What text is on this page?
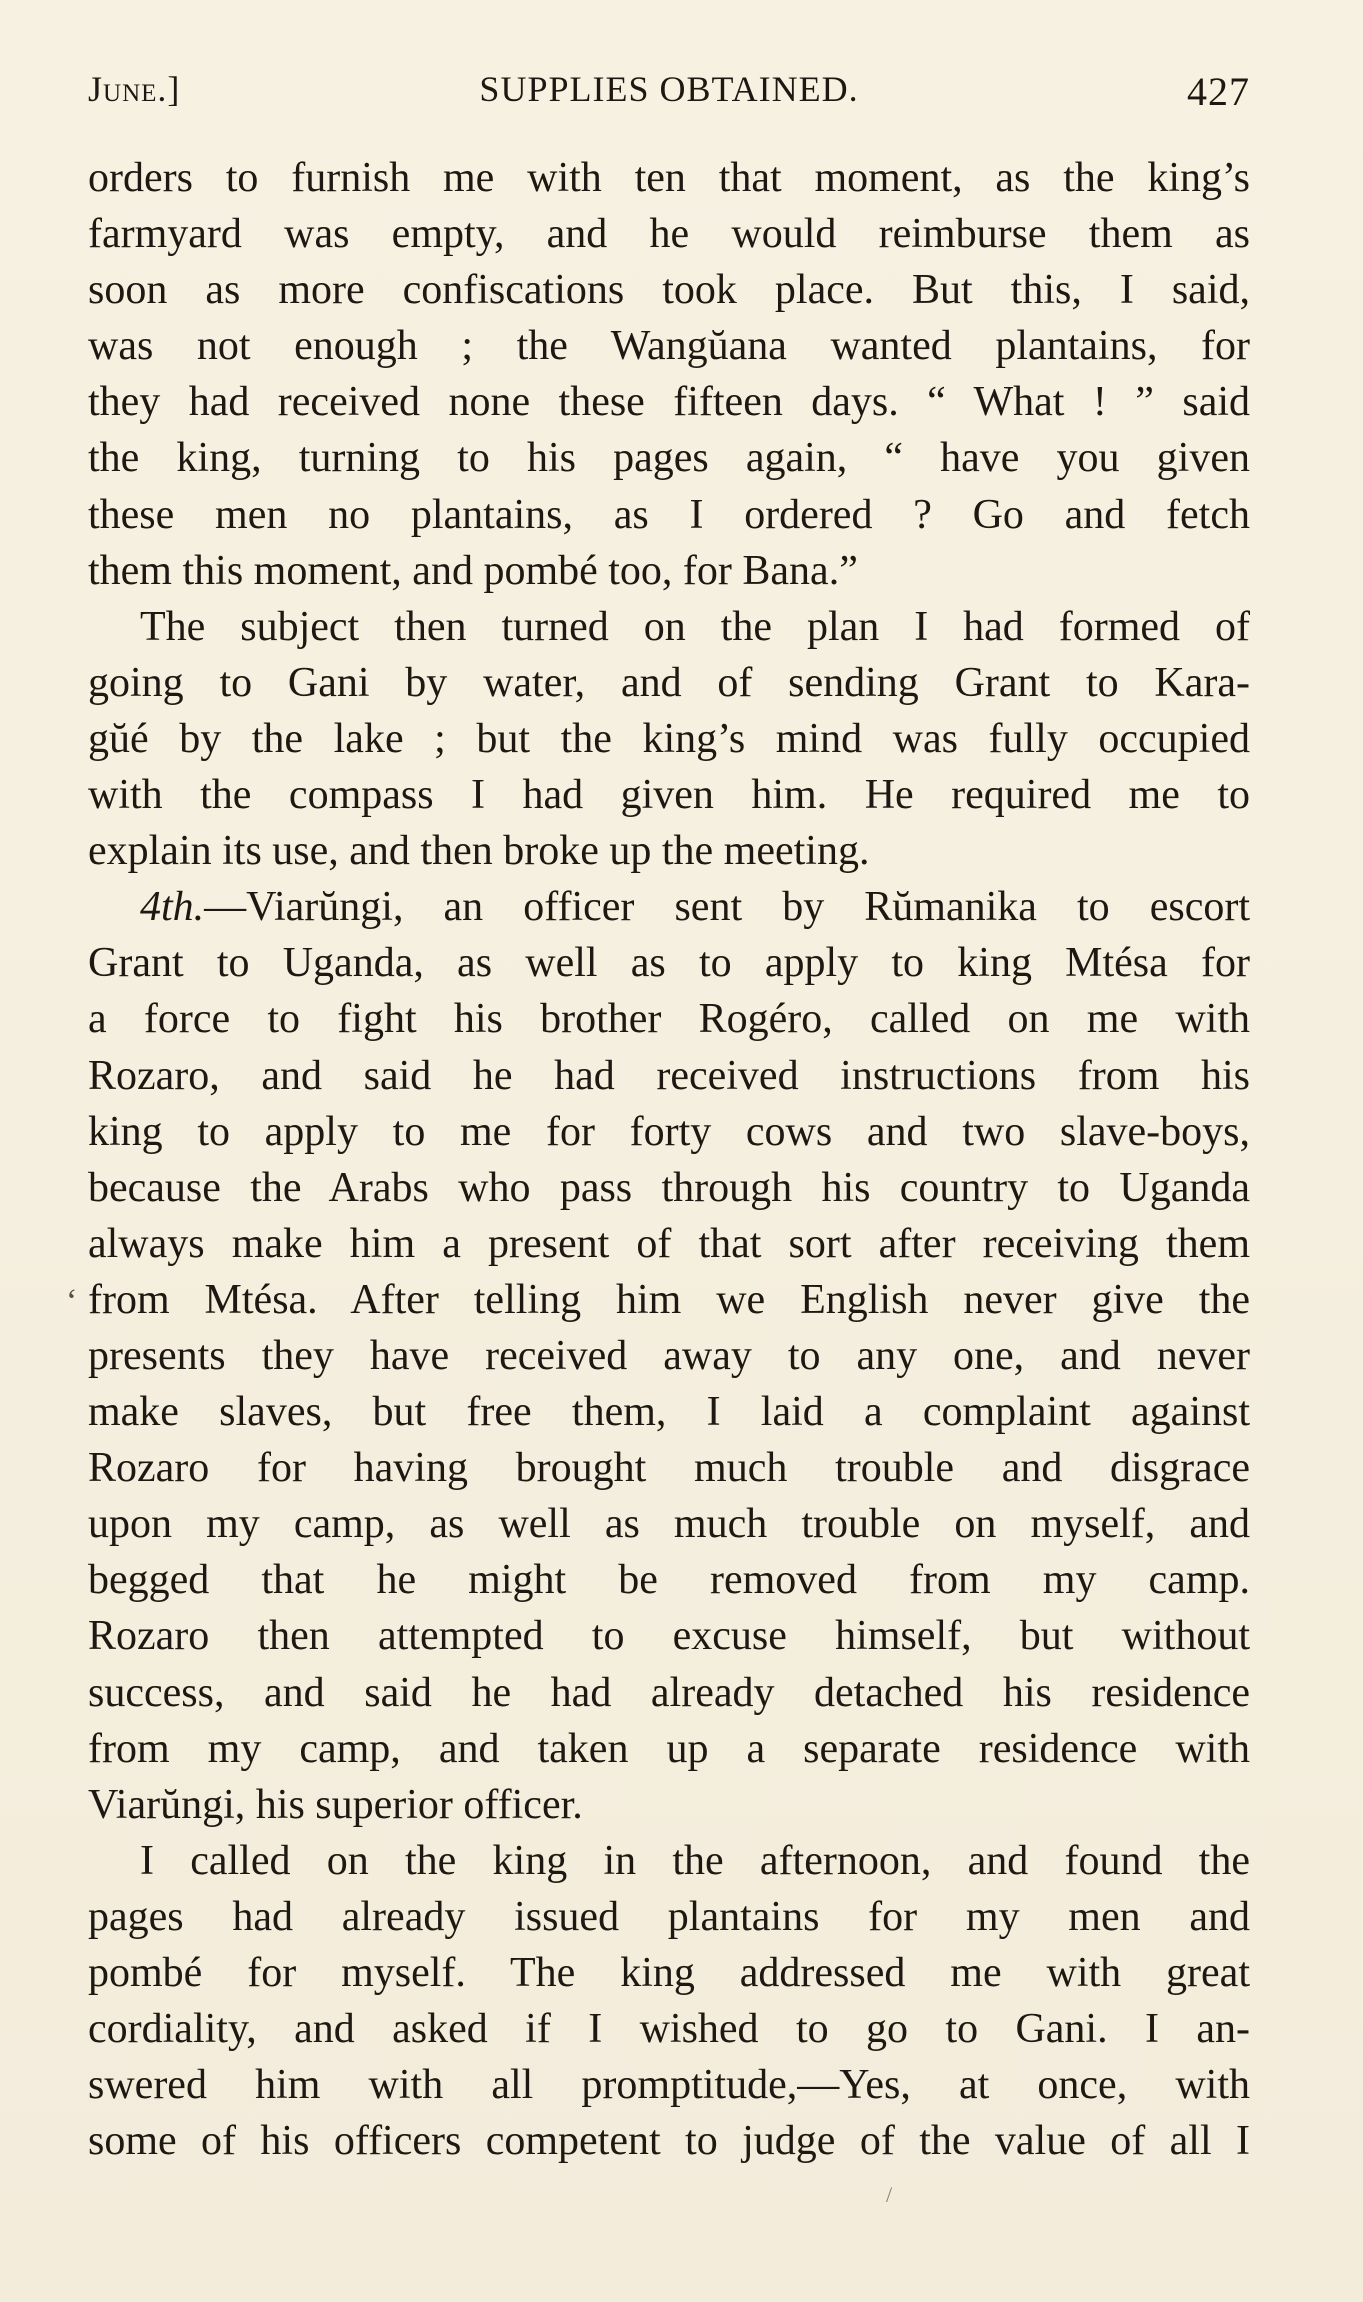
June.]	SUPPLIES OBTAINED.	427
orders to furnish me with ten that moment, as the king’s
farmyard was empty, and he would reimburse them as
soon as more confiscations took place. But this, I said,
was not enough ; the Wangŭana wanted plantains, for
they had received none these fifteen days. “ What ! ” said
the king, turning to his pages again, “ have you given
these men no plantains, as I ordered ? Go and fetch
them this moment, and pombé too, for Bana.”
The subject then turned on the plan I had formed of
going to Gani by water, and of sending Grant to Kara-
gŭé by the lake ; but the king’s mind was fully occupied
with the compass I had given him. He required me to
explain its use, and then broke up the meeting.
4th.—Viarŭngi, an officer sent by Rŭmanika to escort
Grant to Uganda, as well as to apply to king Mtésa for
a force to fight his brother Rogéro, called on me with
Rozaro, and said he had received instructions from his
king to apply to me for forty cows and two slave-boys,
because the Arabs who pass through his country to Uganda
always make him a present of that sort after receiving them
from Mtésa. After telling him we English never give the
presents they have received away to any one, and never
make slaves, but free them, I laid a complaint against
Rozaro for having brought much trouble and disgrace
upon my camp, as well as much trouble on myself, and
begged that he might be removed from my camp.
Rozaro then attempted to excuse himself, but without
success, and said he had already detached his residence
from my camp, and taken up a separate residence with
Viarŭngi, his superior officer.
I called on the king in the afternoon, and found the
pages had already issued plantains for my men and
pombé for myself. The king addressed me with great
cordiality, and asked if I wished to go to Gani. I an-
swered him with all promptitude,—Yes, at once, with
some of his officers competent to judge of the value of all I
‘
/
